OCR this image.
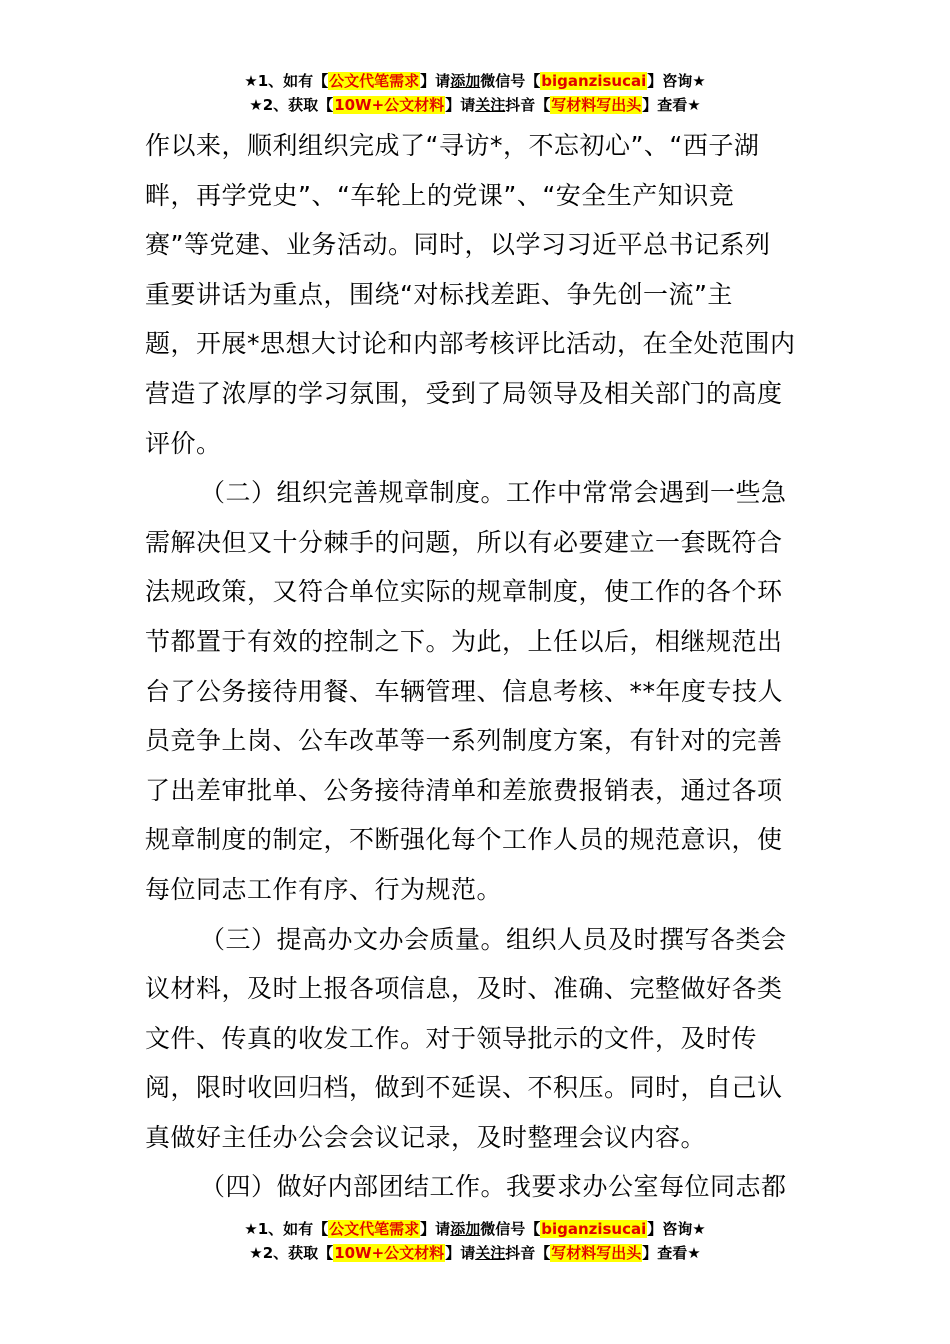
★1、如有【公文代笔需求】请添加微信号【biganzisucai】咨询★
★2、获取【10W+公文材料】请关注抖音【写材料写出头】查看★
作以来，顺利组织完成了“寻访*，不忘初心”、“西子湖
畔，再学党史”、“车轮上的党课”、“安全生产知识竞
赛”等党建、业务活动。同时，以学习习近平总书记系列
重要讲话为重点，围绕“对标找差距、争先创一流”主
题，开展*思想大讨论和内部考核评比活动，在全处范围内
营造了浓厚的学习氛围，受到了局领导及相关部门的高度
评价。
（二）组织完善规章制度。工作中常常会遇到一些急
需解决但又十分棘手的问题，所以有必要建立一套既符合
法规政策，又符合单位实际的规章制度，使工作的各个环
节都置于有效的控制之下。为此，上任以后，相继规范出
台了公务接待用餐、车辆管理、信息考核、**年度专技人
员竞争上岗、公车改革等一系列制度方案，有针对的完善
了出差审批单、公务接待清单和差旅费报销表，通过各项
规章制度的制定，不断强化每个工作人员的规范意识，使
每位同志工作有序、行为规范。
（三）提高办文办会质量。组织人员及时撰写各类会
议材料，及时上报各项信息，及时、准确、完整做好各类
文件、传真的收发工作。对于领导批示的文件，及时传
阅，限时收回归档，做到不延误、不积压。同时，自己认
真做好主任办公会会议记录，及时整理会议内容。
（四）做好内部团结工作。我要求办公室每位同志都
★1、如有【公文代笔需求】请添加微信号【biganzisucai】咨询★
★2、获取【10W+公文材料】请关注抖音【写材料写出头】查看★
